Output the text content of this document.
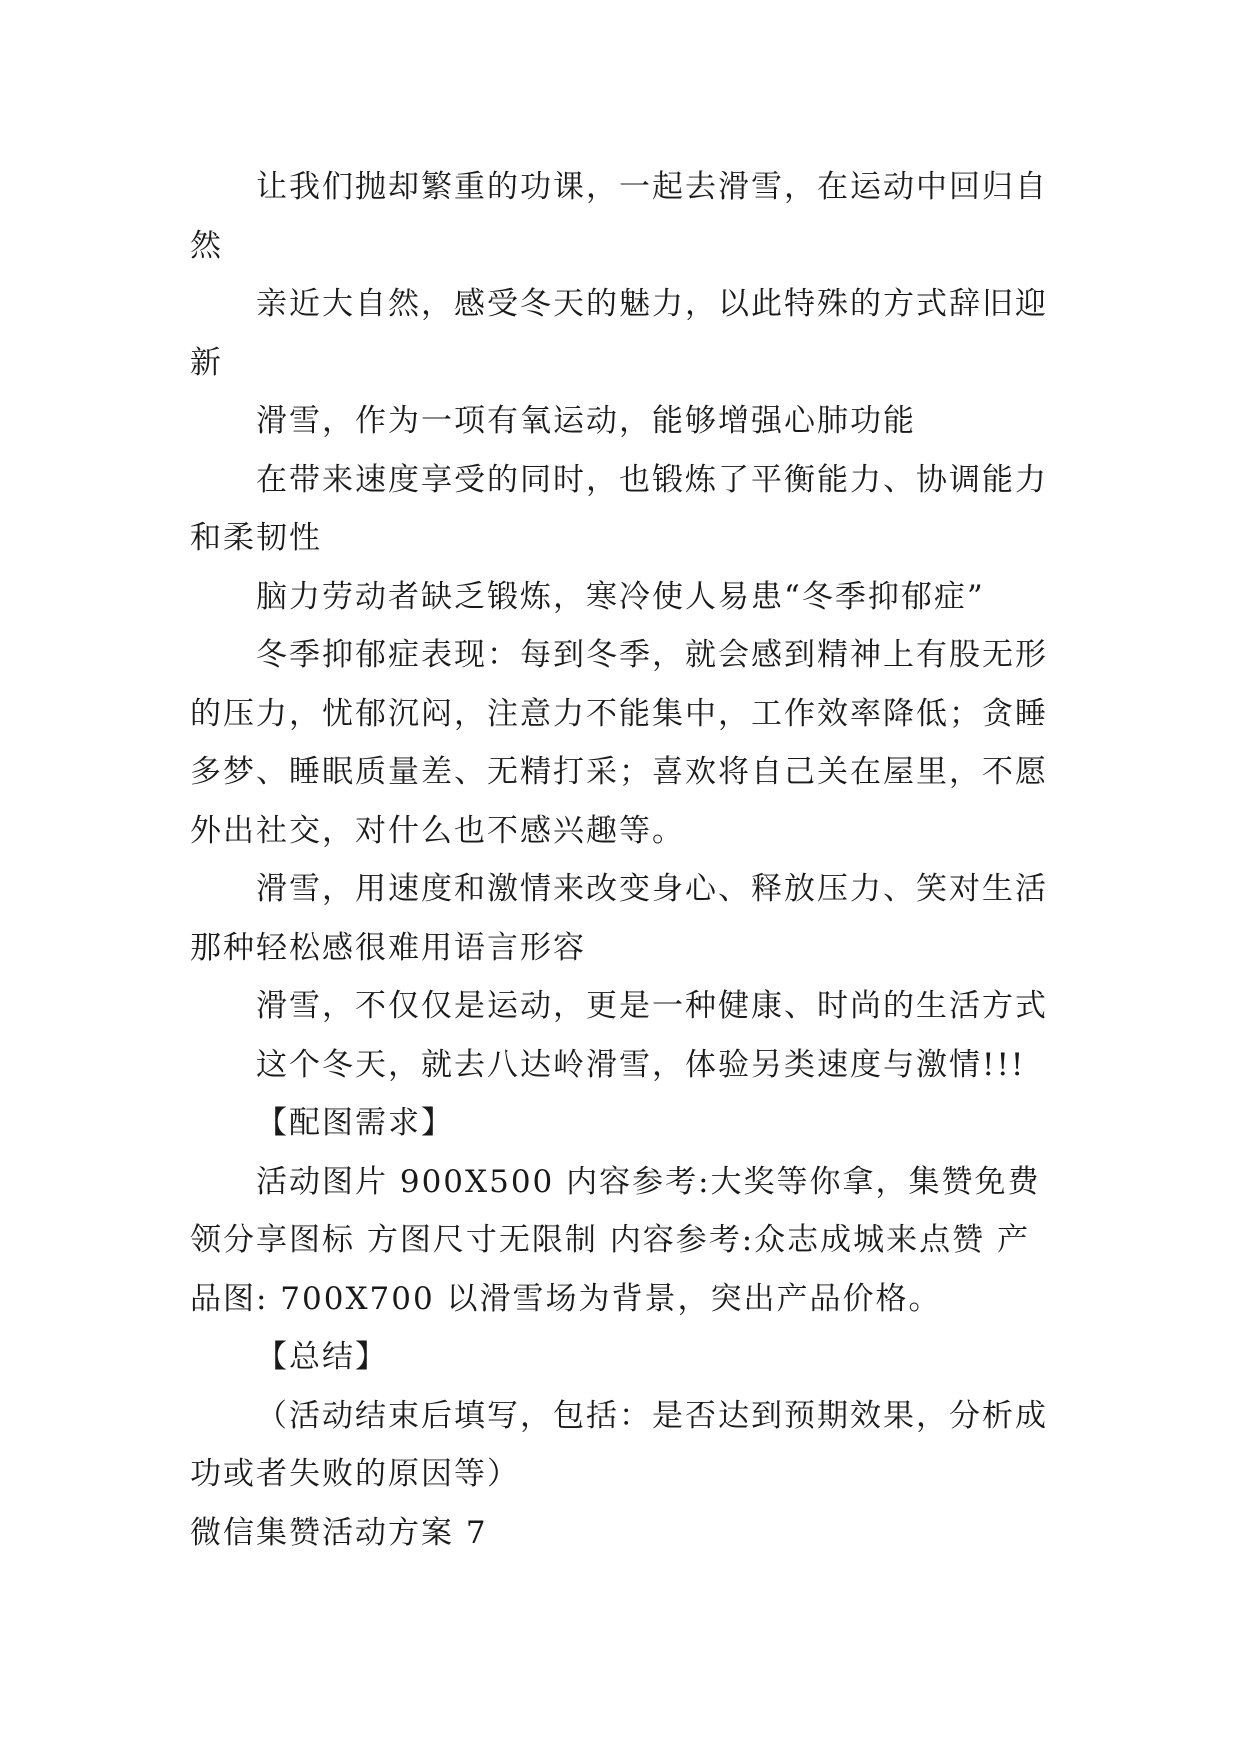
让我们抛却繁重的功课，一起去滑雪，在运动中回归自然

亲近大自然，感受冬天的魅力，以此特殊的方式辞旧迎新

滑雪，作为一项有氧运动，能够增强心肺功能

在带来速度享受的同时，也锻炼了平衡能力、协调能力和柔韧性

脑力劳动者缺乏锻炼，寒冷使人易患“冬季抑郁症”

冬季抑郁症表现：每到冬季，就会感到精神上有股无形的压力，忧郁沉闷，注意力不能集中，工作效率降低；贪睡多梦、睡眠质量差、无精打采；喜欢将自己关在屋里，不愿外出社交，对什么也不感兴趣等。

滑雪，用速度和激情来改变身心、释放压力、笑对生活那种轻松感很难用语言形容

滑雪，不仅仅是运动，更是一种健康、时尚的生活方式

这个冬天，就去八达岭滑雪，体验另类速度与激情!!!

【配图需求】

活动图片 900X500 内容参考:大奖等你拿，集赞免费领分享图标 方图尺寸无限制 内容参考:众志成城来点赞 产品图: 700X700 以滑雪场为背景，突出产品价格。

【总结】

（活动结束后填写，包括：是否达到预期效果，分析成功或者失败的原因等）

微信集赞活动方案 7
